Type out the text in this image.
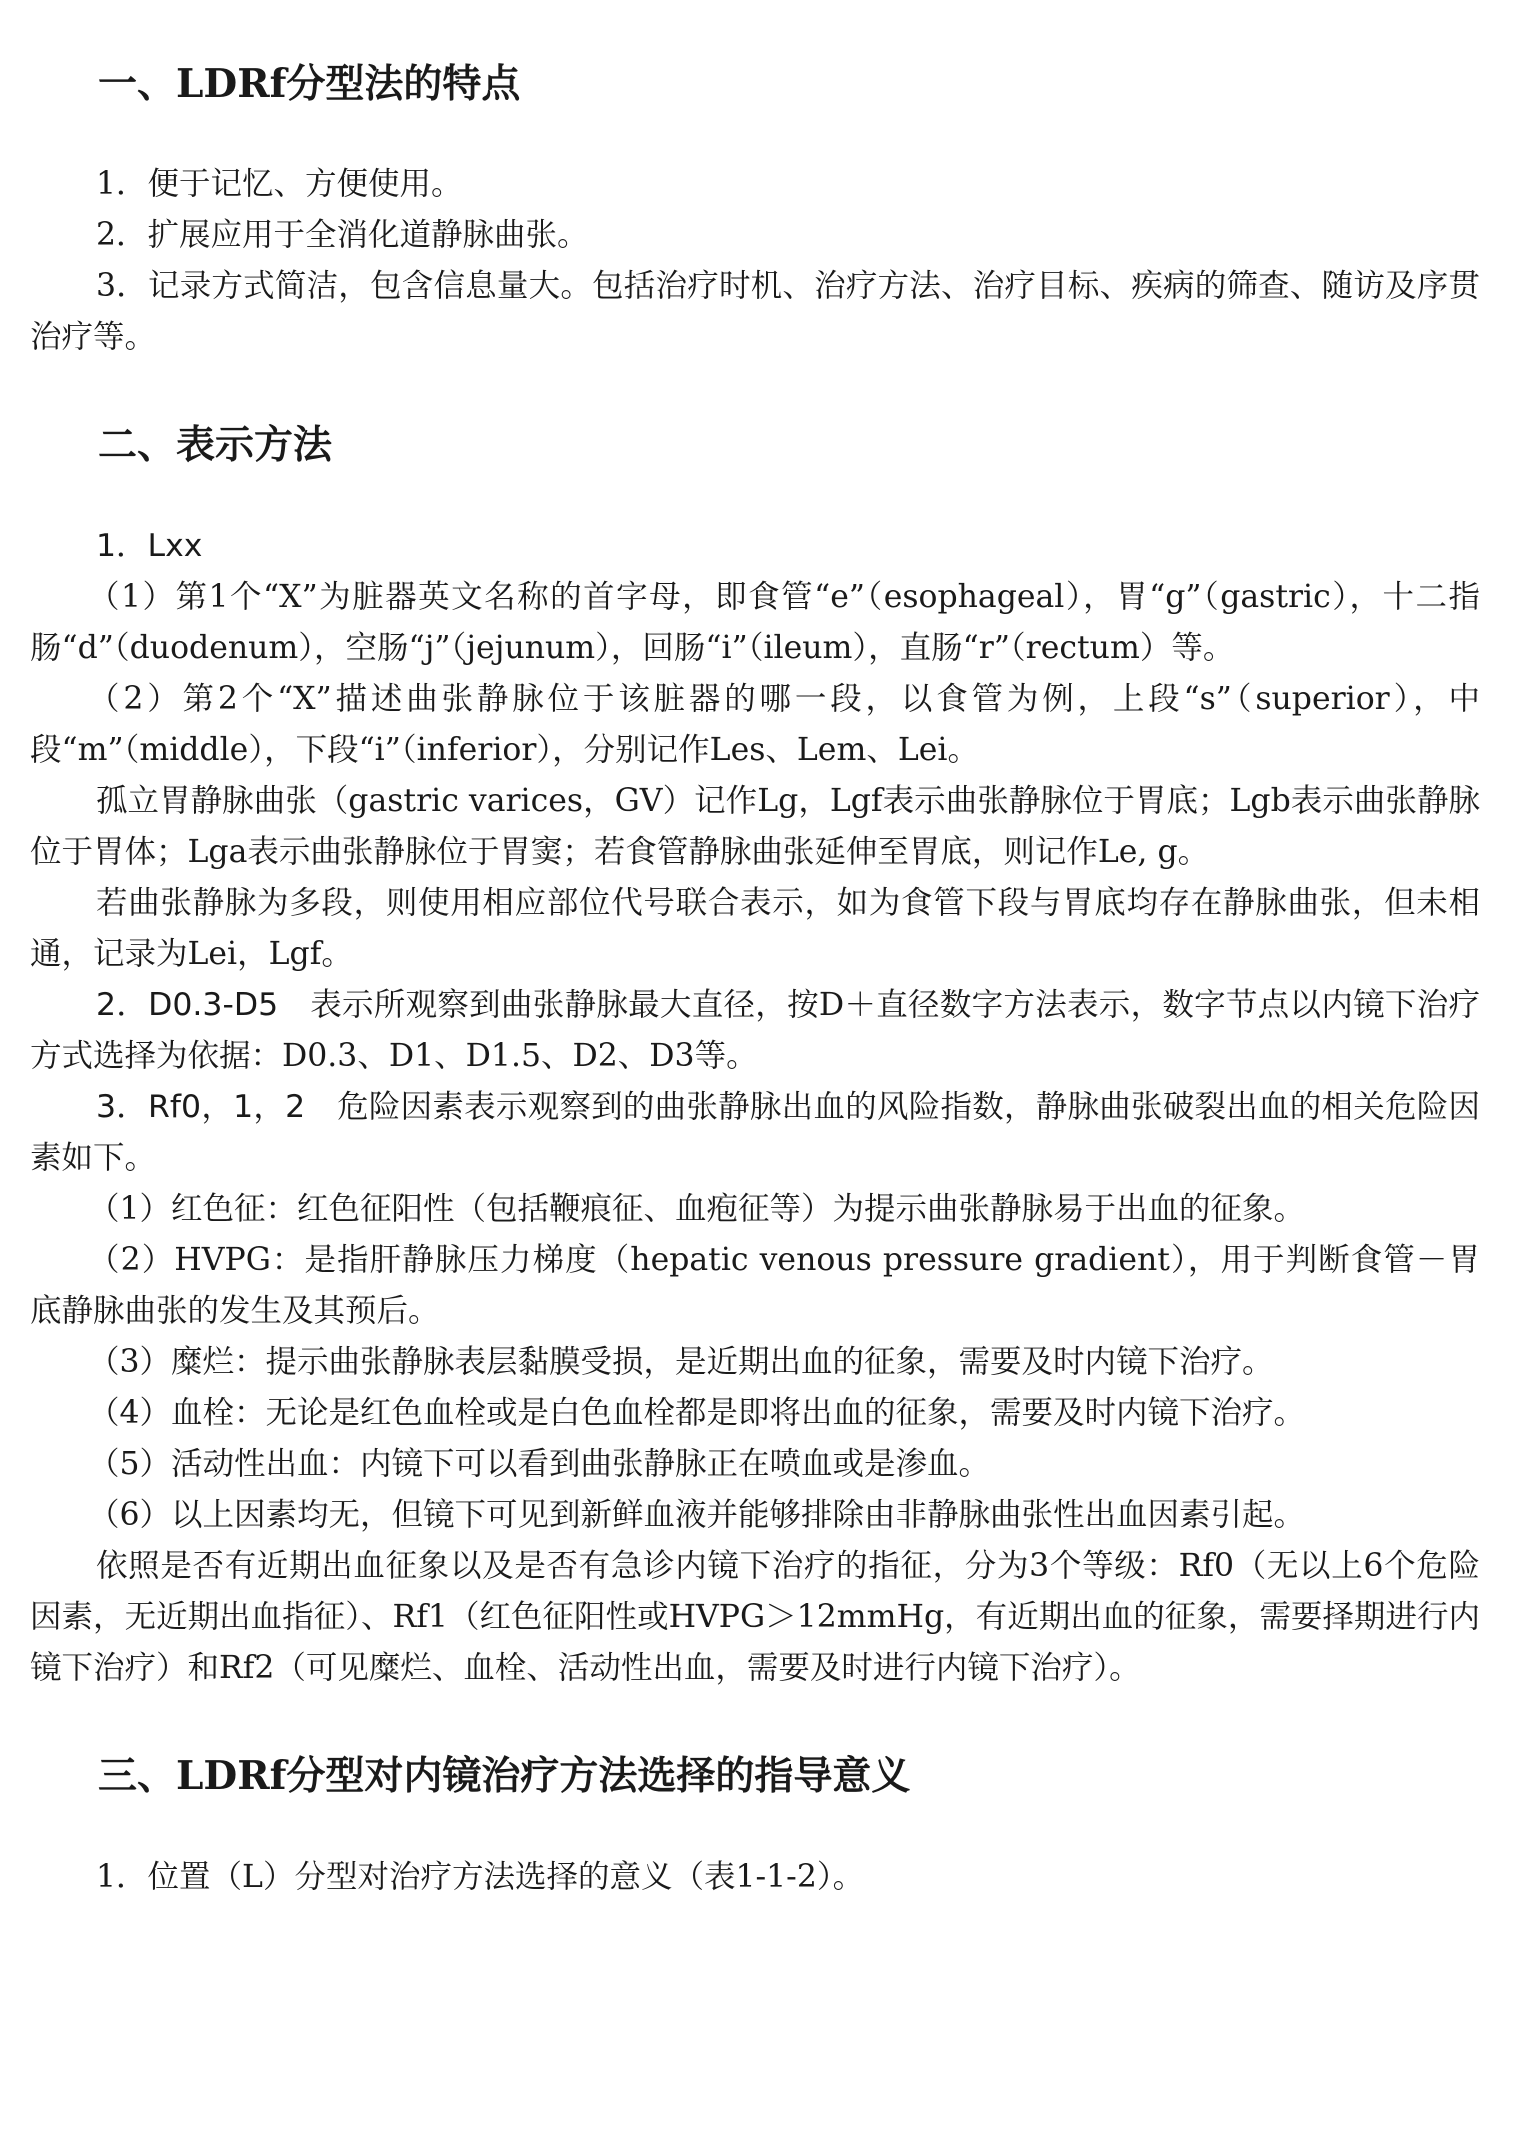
一、LDRf分型法的特点

1．便于记忆、方便使用。

2．扩展应用于全消化道静脉曲张。

3．记录方式简洁，包含信息量大。包括治疗时机、治疗方法、治疗目标、疾病的筛查、随访及序贯治疗等。

二、表示方法

1．Lxx

（1）第1个“X”为脏器英文名称的首字母，即食管“e”（esophageal），胃“g”（gastric），十二指肠“d”（duodenum），空肠“j”（jejunum），回肠“i”（ileum），直肠“r”（rectum）等。

（2）第2个“X”描述曲张静脉位于该脏器的哪一段，以食管为例，上段“s”（superior），中段“m”（middle），下段“i”（inferior），分别记作Les、Lem、Lei。

孤立胃静脉曲张（gastric varices，GV）记作Lg，Lgf表示曲张静脉位于胃底；Lgb表示曲张静脉位于胃体；Lga表示曲张静脉位于胃窦；若食管静脉曲张延伸至胃底，则记作Le, g。

若曲张静脉为多段，则使用相应部位代号联合表示，如为食管下段与胃底均存在静脉曲张，但未相通，记录为Lei，Lgf。

2．D0.3-D5　表示所观察到曲张静脉最大直径，按D＋直径数字方法表示，数字节点以内镜下治疗方式选择为依据：D0.3、D1、D1.5、D2、D3等。

3．Rf0，1，2　危险因素表示观察到的曲张静脉出血的风险指数，静脉曲张破裂出血的相关危险因素如下。

（1）红色征：红色征阳性（包括鞭痕征、血疱征等）为提示曲张静脉易于出血的征象。

（2）HVPG：是指肝静脉压力梯度（hepatic venous pressure gradient），用于判断食管－胃底静脉曲张的发生及其预后。

（3）糜烂：提示曲张静脉表层黏膜受损，是近期出血的征象，需要及时内镜下治疗。

（4）血栓：无论是红色血栓或是白色血栓都是即将出血的征象，需要及时内镜下治疗。

（5）活动性出血：内镜下可以看到曲张静脉正在喷血或是渗血。

（6）以上因素均无，但镜下可见到新鲜血液并能够排除由非静脉曲张性出血因素引起。

依照是否有近期出血征象以及是否有急诊内镜下治疗的指征，分为3个等级：Rf0（无以上6个危险因素，无近期出血指征）、Rf1（红色征阳性或HVPG＞12mmHg，有近期出血的征象，需要择期进行内镜下治疗）和Rf2（可见糜烂、血栓、活动性出血，需要及时进行内镜下治疗）。

三、LDRf分型对内镜治疗方法选择的指导意义

1．位置（L）分型对治疗方法选择的意义（表1-1-2）。
